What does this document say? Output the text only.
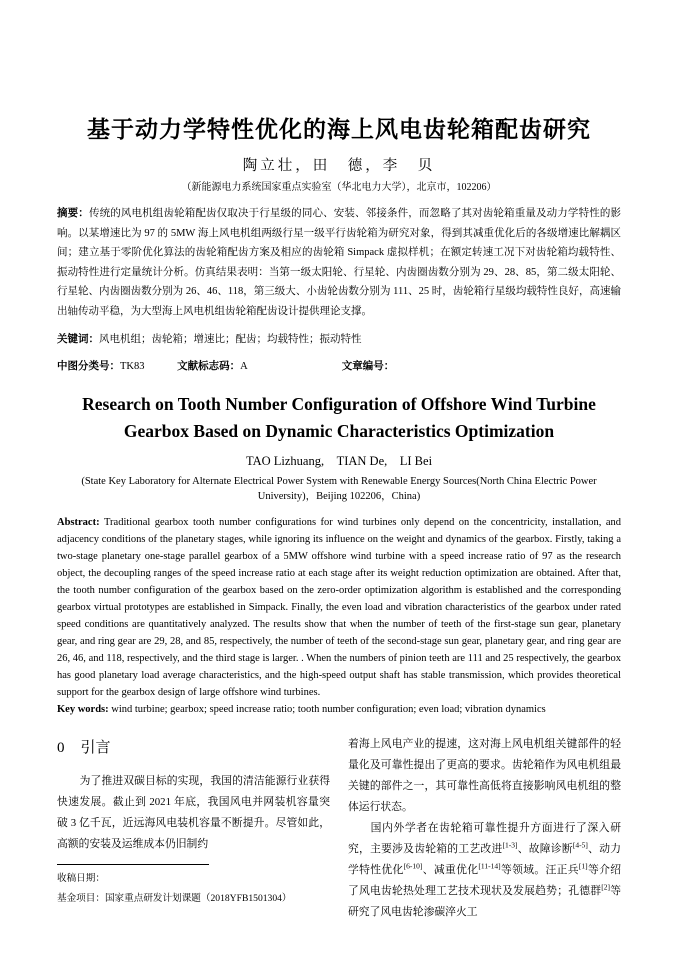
基于动力学特性优化的海上风电齿轮箱配齿研究
陶立壮，田　德，李　贝
（新能源电力系统国家重点实验室（华北电力大学），北京市，102206）

摘要：传统的风电机组齿轮箱配齿仅取决于行星级的同心、安装、邻接条件，而忽略了其对齿轮箱重量及动力学特性的影响。以某增速比为 97 的 5MW 海上风电机组两级行星一级平行齿轮箱为研究对象，得到其减重优化后的各级增速比解耦区间；建立基于零阶优化算法的齿轮箱配齿方案及相应的齿轮箱 Simpack 虚拟样机；在额定转速工况下对齿轮箱均载特性、振动特性进行定量统计分析。仿真结果表明：当第一级太阳轮、行星轮、内齿圈齿数分别为 29、28、85，第二级太阳轮、行星轮、内齿圈齿数分别为 26、46、118，第三级大、小齿轮齿数分别为 111、25 时，齿轮箱行星级均载特性良好，高速输出轴传动平稳，为大型海上风电机组齿轮箱配齿设计提供理论支撑。

关键词：风电机组；齿轮箱；增速比；配齿；均载特性；振动特性

中图分类号：TK83	文献标志码：A	文章编号：
Research on Tooth Number Configuration of Offshore Wind Turbine Gearbox Based on Dynamic Characteristics Optimization
TAO Lizhuang,　TIAN De,　LI Bei
(State Key Laboratory for Alternate Electrical Power System with Renewable Energy Sources(North China Electric Power University)，Beijing 102206，China)

Abstract: Traditional gearbox tooth number configurations for wind turbines only depend on the concentricity, installation, and adjacency conditions of the planetary stages, while ignoring its influence on the weight and dynamics of the gearbox. Firstly, taking a two-stage planetary one-stage parallel gearbox of a 5MW offshore wind turbine with a speed increase ratio of 97 as the research object, the decoupling ranges of the speed increase ratio at each stage after its weight reduction optimization are obtained. After that, the tooth number configuration of the gearbox based on the zero-order optimization algorithm is established and the corresponding gearbox virtual prototypes are established in Simpack. Finally, the even load and vibration characteristics of the gearbox under rated speed conditions are quantitatively analyzed. The results show that when the number of teeth of the first-stage sun gear, planetary gear, and ring gear are 29, 28, and 85, respectively, the number of teeth of the second-stage sun gear, planetary gear, and ring gear are 26, 46, and 118, respectively, and the third stage is larger. . When the numbers of pinion teeth are 111 and 25 respectively, the gearbox has good planetary load average characteristics, and the high-speed output shaft has stable transmission, which provides theoretical support for the gearbox design of large offshore wind turbines.

Key words: wind turbine; gearbox; speed increase ratio; tooth number configuration; even load; vibration dynamics

0 引言

为了推进双碳目标的实现，我国的清洁能源行业获得快速发展。截止到 2021 年底，我国风电并网装机容量突破 3 亿千瓦，近远海风电装机容量不断提升。尽管如此，高额的安装及运维成本仍旧制约

收稿日期：
基金项目：国家重点研发计划课题（2018YFB1501304）

着海上风电产业的提速，这对海上风电机组关键部件的轻量化及可靠性提出了更高的要求。齿轮箱作为风电机组最关键的部件之一，其可靠性高低将直接影响风电机组的整体运行状态。

国内外学者在齿轮箱可靠性提升方面进行了深入研究，主要涉及齿轮箱的工艺改进[1-3]、故障诊断[4-5]、动力学特性优化[6-10]、减重优化[11-14]等领域。汪正兵[1]等介绍了风电齿轮热处理工艺技术现状及发展趋势；孔德群[2]等研究了风电齿轮渗碳淬火工
